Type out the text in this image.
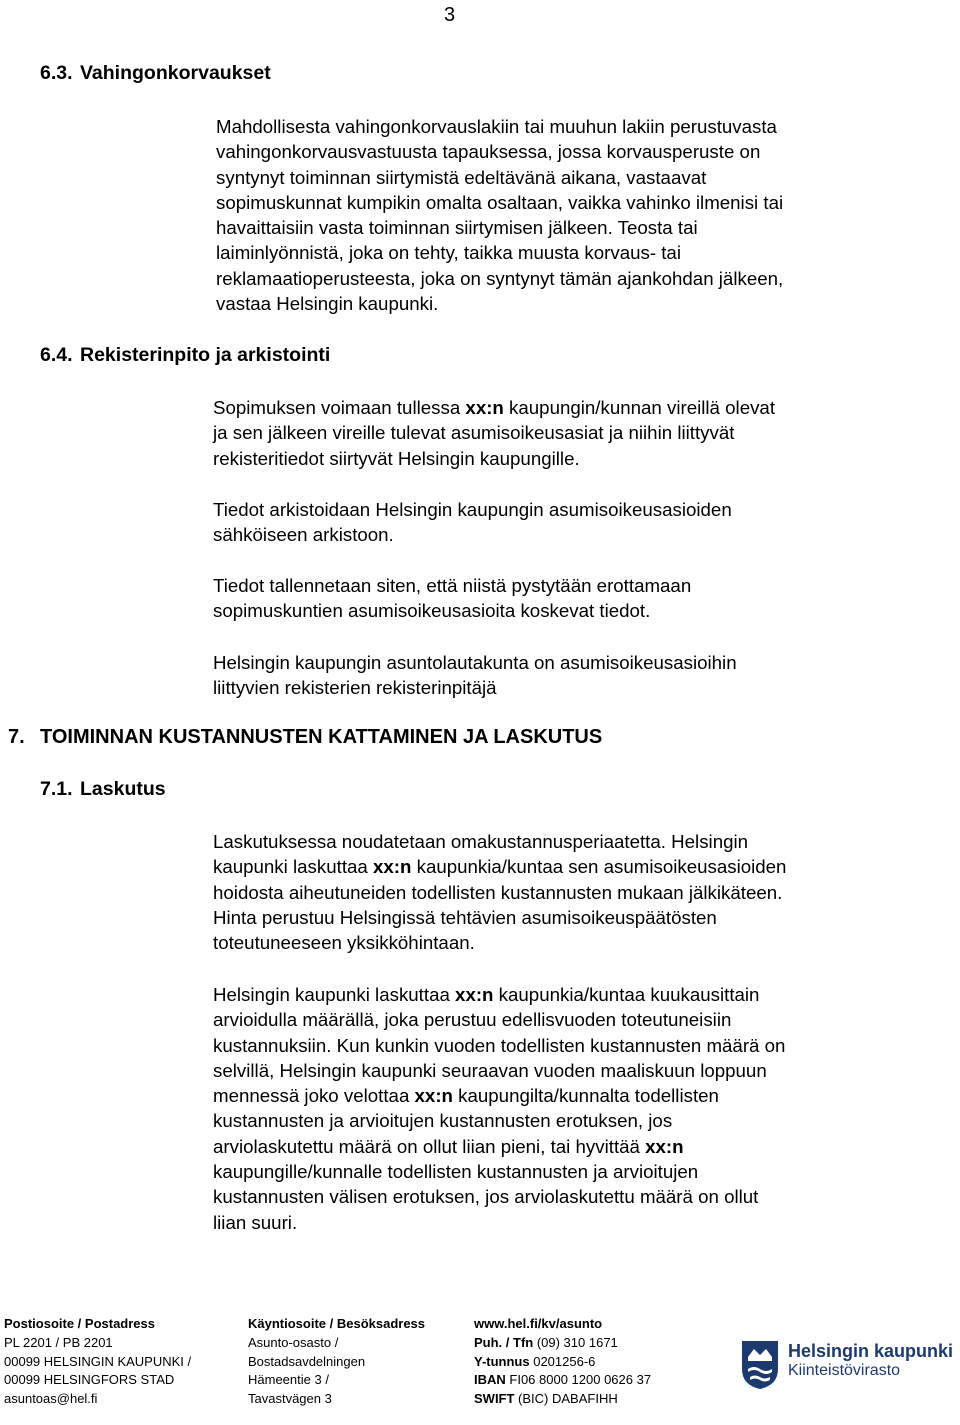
3
6.3. Vahingonkorvaukset
Mahdollisesta vahingonkorvauslakiin tai muuhun lakiin perustuvasta
vahingonkorvausvastuusta tapauksessa, jossa korvausperuste on
syntynyt toiminnan siirtymistä edeltävänä aikana, vastaavat
sopimuskunnat kumpikin omalta osaltaan, vaikka vahinko ilmenisi tai
havaittaisiin vasta toiminnan siirtymisen jälkeen. Teosta tai
laiminlyönnistä, joka on tehty, taikka muusta korvaus- tai
reklamaatioperusteesta, joka on syntynyt tämän ajankohdan jälkeen,
vastaa Helsingin kaupunki.
6.4. Rekisterinpito ja arkistointi
Sopimuksen voimaan tullessa xx:n kaupungin/kunnan vireillä olevat
ja sen jälkeen vireille tulevat asumisoikeusasiat ja niihin liittyvät
rekisteritiedot siirtyvät Helsingin kaupungille.
Tiedot arkistoidaan Helsingin kaupungin asumisoikeusasioiden
sähköiseen arkistoon.
Tiedot tallennetaan siten, että niistä pystytään erottamaan
sopimuskuntien asumisoikeusasioita koskevat tiedot.
Helsingin kaupungin asuntolautakunta on asumisoikeusasioihin
liittyvien rekisterien rekisterinpitäjä
7. TOIMINNAN KUSTANNUSTEN KATTAMINEN JA LASKUTUS
7.1. Laskutus
Laskutuksessa noudatetaan omakustannusperiaatetta. Helsingin
kaupunki laskuttaa xx:n kaupunkia/kuntaa sen asumisoikeusasioiden
hoidosta aiheutuneiden todellisten kustannusten mukaan jälkikäteen.
Hinta perustuu Helsingissä tehtävien asumisoikeuspäätösten
toteutuneeseen yksikköhintaan.
Helsingin kaupunki laskuttaa xx:n kaupunkia/kuntaa kuukausittain
arvioidulla määrällä, joka perustuu edellisvuoden toteutuneisiin
kustannuksiin. Kun kunkin vuoden todellisten kustannusten määrä on
selvillä, Helsingin kaupunki seuraavan vuoden maaliskuun loppuun
mennessä joko velottaa xx:n kaupungilta/kunnalta todellisten
kustannusten ja arvioitujen kustannusten erotuksen, jos
arviolaskutettu määrä on ollut liian pieni, tai hyvittää xx:n
kaupungille/kunnalle todellisten kustannusten ja arvioitujen
kustannusten välisen erotuksen, jos arviolaskutettu määrä on ollut
liian suuri.
Postiosoite / Postadress
PL 2201 / PB 2201
00099 HELSINGIN KAUPUNKI /
00099 HELSINGFORS STAD
asuntoas@hel.fi
Käyntiosoite / Besöksadress
Asunto-osasto /
Bostadsavdelningen
Hämeentie 3 /
Tavastvägen 3
www.hel.fi/kv/asunto
Puh. / Tfn (09) 310 1671
Y-tunnus 0201256-6
IBAN FI06 8000 1200 0626 37
SWIFT (BIC) DABAFIHH
Helsingin kaupunki
Kiinteistövirasto
